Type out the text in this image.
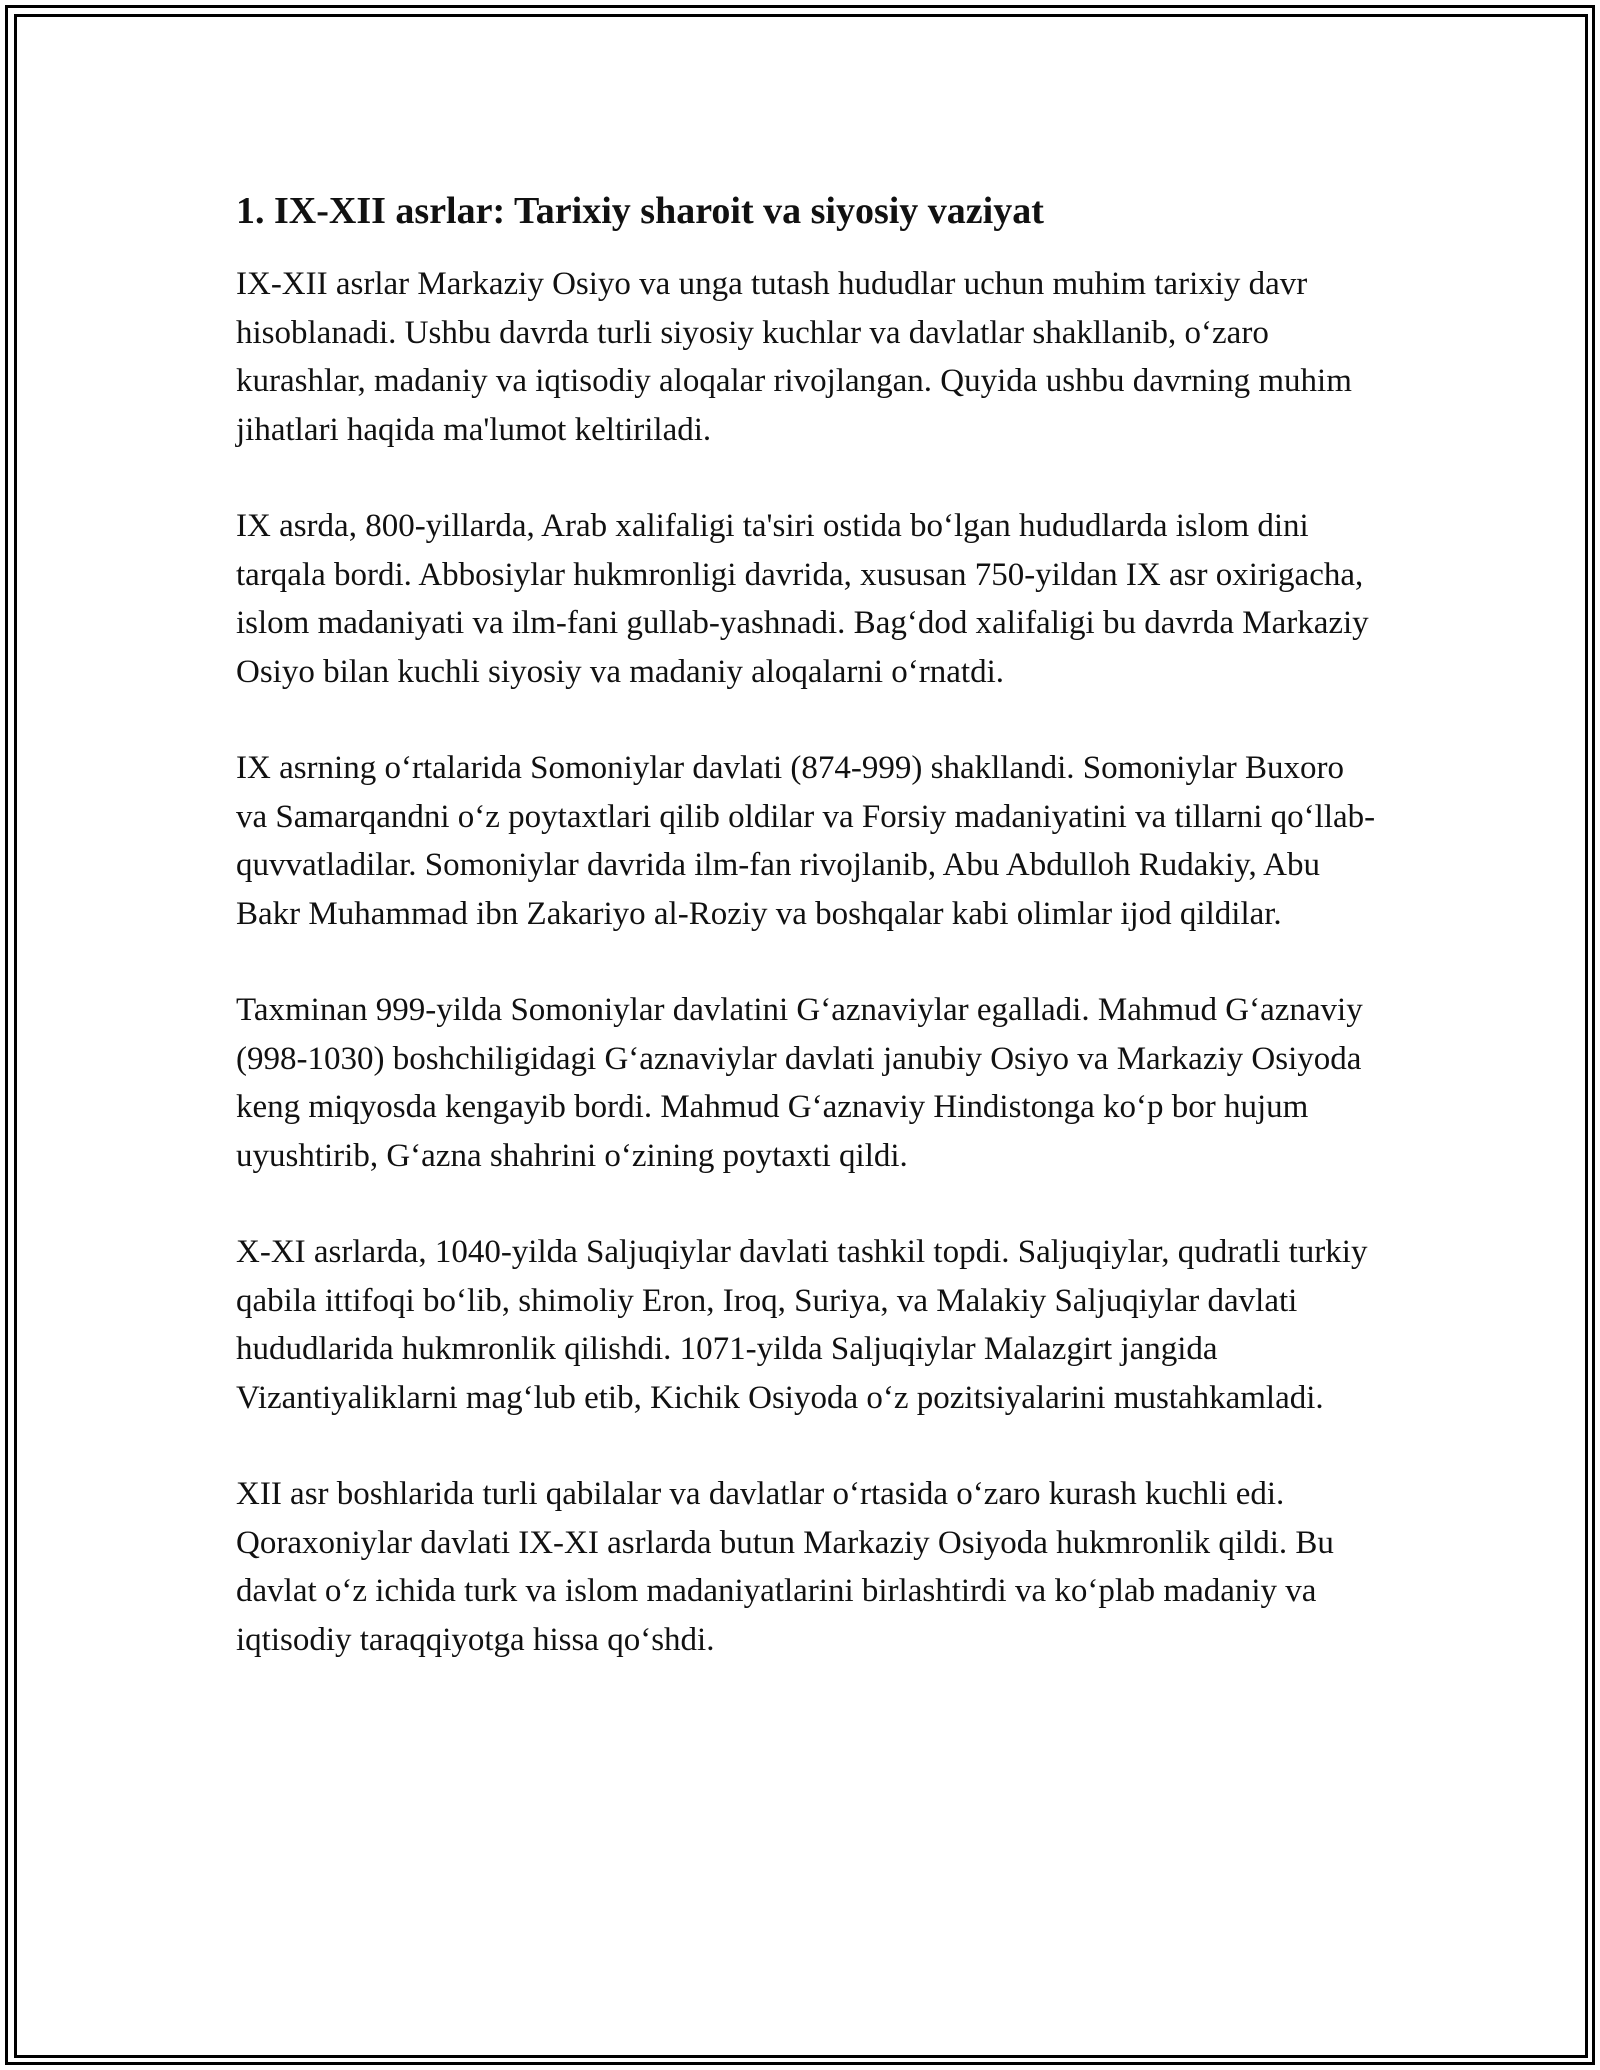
1. IX-XII asrlar: Tarixiy sharoit va siyosiy vaziyat

IX-XII asrlar Markaziy Osiyo va unga tutash hududlar uchun muhim tarixiy davr hisoblanadi. Ushbu davrda turli siyosiy kuchlar va davlatlar shakllanib, o‘zaro kurashlar, madaniy va iqtisodiy aloqalar rivojlangan. Quyida ushbu davrning muhim jihatlari haqida ma'lumot keltiriladi.

IX asrda, 800-yillarda, Arab xalifaligi ta'siri ostida bo‘lgan hududlarda islom dini tarqala bordi. Abbosiylar hukmronligi davrida, xususan 750-yildan IX asr oxirigacha, islom madaniyati va ilm-fani gullab-yashnadi. Bag‘dod xalifaligi bu davrda Markaziy Osiyo bilan kuchli siyosiy va madaniy aloqalarni o‘rnatdi.

IX asrning o‘rtalarida Somoniylar davlati (874-999) shakllandi. Somoniylar Buxoro va Samarqandni o‘z poytaxtlari qilib oldilar va Forsiy madaniyatini va tillarni qo‘llab-quvvatladilar. Somoniylar davrida ilm-fan rivojlanib, Abu Abdulloh Rudakiy, Abu Bakr Muhammad ibn Zakariyo al-Roziy va boshqalar kabi olimlar ijod qildilar.

Taxminan 999-yilda Somoniylar davlatini G‘aznaviylar egalladi. Mahmud G‘aznaviy (998-1030) boshchiligidagi G‘aznaviylar davlati janubiy Osiyo va Markaziy Osiyoda keng miqyosda kengayib bordi. Mahmud G‘aznaviy Hindistonga ko‘p bor hujum uyushtirib, G‘azna shahrini o‘zining poytaxti qildi.

X-XI asrlarda, 1040-yilda Saljuqiylar davlati tashkil topdi. Saljuqiylar, qudratli turkiy qabila ittifoqi bo‘lib, shimoliy Eron, Iroq, Suriya, va Malakiy Saljuqiylar davlati hududlarida hukmronlik qilishdi. 1071-yilda Saljuqiylar Malazgirt jangida Vizantiyaliklarni mag‘lub etib, Kichik Osiyoda o‘z pozitsiyalarini mustahkamladi.

XII asr boshlarida turli qabilalar va davlatlar o‘rtasida o‘zaro kurash kuchli edi. Qoraxoniylar davlati IX-XI asrlarda butun Markaziy Osiyoda hukmronlik qildi. Bu davlat o‘z ichida turk va islom madaniyatlarini birlashtirdi va ko‘plab madaniy va iqtisodiy taraqqiyotga hissa qo‘shdi.
